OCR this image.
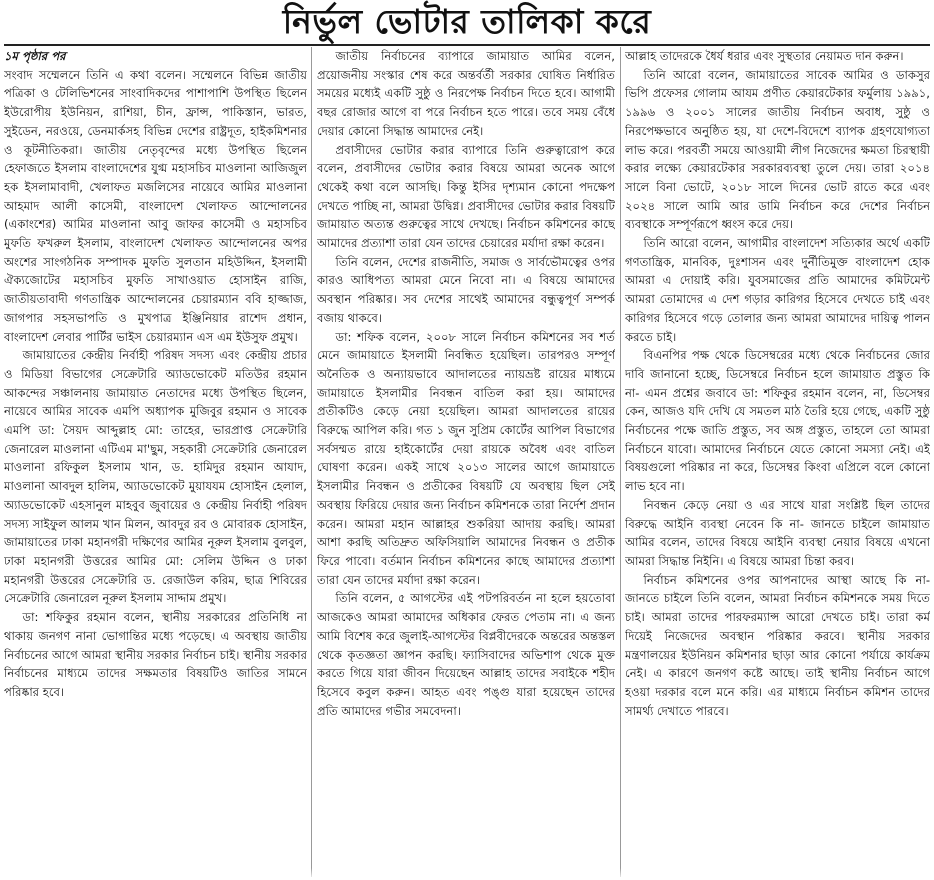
নির্ভুল ভোটার তালিকা করে

১ম পৃষ্ঠার পর
সংবাদ সম্মেলনে তিনি এ কথা বলেন। সম্মেলনে বিভিন্ন জাতীয় পত্রিকা ও টেলিভিশনের সাংবাদিকদের পাশাপাশি উপস্থিত ছিলেন ইউরোপীয় ইউনিয়ন, রাশিয়া, চীন, ফ্রান্স, পাকিস্তান, ভারত, সুইডেন, নরওয়ে, ডেনমার্কসহ বিভিন্ন দেশের রাষ্ট্রদূত, হাইকমিশনার ও কূটনীতিকরা। জাতীয় নেতৃবৃন্দের মধ্যে উপস্থিত ছিলেন হেফাজতে ইসলাম বাংলাদেশের যুগ্ম মহাসচিব মাওলানা আজিজুল হক ইসলামাবাদী, খেলাফত মজলিসের নায়েবে আমির মাওলানা আহমাদ আলী কাসেমী, বাংলাদেশ খেলাফত আন্দোলনের (একাংশের) আমির মাওলানা আবু জাফর কাসেমী ও মহাসচিব মুফতি ফখরুল ইসলাম, বাংলাদেশ খেলাফত আন্দোলনের অপর অংশের সাংগঠনিক সম্পাদক মুফতি সুলতান মহিউদ্দিন, ইসলামী ঐক্যজোটের মহাসচিব মুফতি সাখাওয়াত হোসাইন রাজি, জাতীয়তাবাদী গণতান্ত্রিক আন্দোলনের চেয়ারম্যান ববি হাজ্জাজ, জাগপার সহসভাপতি ও মুখপাত্র ইঞ্জিনিয়ার রাশেদ প্রধান, বাংলাদেশ লেবার পার্টির ভাইস চেয়ারম্যান এস এম ইউসুফ প্রমুখ।

জামায়াতের কেন্দ্রীয় নির্বাহী পরিষদ সদস্য এবং কেন্দ্রীয় প্রচার ও মিডিয়া বিভাগের সেক্রেটারি অ্যাডভোকেট মতিউর রহমান আকন্দের সঞ্চালনায় জামায়াত নেতাদের মধ্যে উপস্থিত ছিলেন, নায়েবে আমির সাবেক এমপি অধ্যাপক মুজিবুর রহমান ও সাবেক এমপি ডা: সৈয়দ আব্দুল্লাহ মো: তাহের, ভারপ্রাপ্ত সেক্রেটারি জেনারেল মাওলানা এটিএম মা'ছুম, সহকারী সেক্রেটারি জেনারেল মাওলানা রফিকুল ইসলাম খান, ড. হামিদুর রহমান আযাদ, মাওলানা আবদুল হালিম, অ্যাডভোকেট মুয়াযযম হোসাইন হেলাল, অ্যাডভোকেট এহসানুল মাহবুব জুবায়ের ও কেন্দ্রীয় নির্বাহী পরিষদ সদস্য সাইফুল আলম খান মিলন, আবদুর রব ও মোবারক হোসাইন, জামায়াতের ঢাকা মহানগরী দক্ষিণের আমির নূরুল ইসলাম বুলবুল, ঢাকা মহানগরী উত্তরের আমির মো: সেলিম উদ্দিন ও ঢাকা মহানগরী উত্তরের সেক্রেটারি ড. রেজাউল করিম, ছাত্র শিবিরের সেক্রেটারি জেনারেল নূরুল ইসলাম সাদ্দাম প্রমুখ।

ডা: শফিকুর রহমান বলেন, স্থানীয় সরকারের প্রতিনিধি না থাকায় জনগণ নানা ভোগান্তির মধ্যে পড়েছে। এ অবস্থায় জাতীয় নির্বাচনের আগে আমরা স্থানীয় সরকার নির্বাচন চাই। স্থানীয় সরকার নির্বাচনের মাধ্যমে তাদের সক্ষমতার বিষয়টিও জাতির সামনে পরিষ্কার হবে।

জাতীয় নির্বাচনের ব্যাপারে জামায়াত আমির বলেন, প্রয়োজনীয় সংস্কার শেষ করে অন্তর্বর্তী সরকার ঘোষিত নির্ধারিত সময়ের মধ্যেই একটি সুষ্ঠু ও নিরপেক্ষ নির্বাচন দিতে হবে। আগামী বছর রোজার আগে বা পরে নির্বাচন হতে পারে। তবে সময় বেঁধে দেয়ার কোনো সিদ্ধান্ত আমাদের নেই।

প্রবাসীদের ভোটার করার ব্যাপারে তিনি গুরুত্বারোপ করে বলেন, প্রবাসীদের ভোটার করার বিষয়ে আমরা অনেক আগে থেকেই কথা বলে আসছি। কিন্তু ইসির দৃশ্যমান কোনো পদক্ষেপ দেখতে পাচ্ছি না, আমরা উদ্বিগ্ন। প্রবাসীদের ভোটার করার বিষয়টি জামায়াত অত্যন্ত গুরুত্বের সাথে দেখছে। নির্বাচন কমিশনের কাছে আমাদের প্রত্যাশা তারা যেন তাদের চেয়ারের মর্যাদা রক্ষা করেন।

তিনি বলেন, দেশের রাজনীতি, সমাজ ও সার্বভৌমত্বের ওপর কারও আধিপত্য আমরা মেনে নিবো না। এ বিষয়ে আমাদের অবস্থান পরিষ্কার। সব দেশের সাথেই আমাদের বন্ধুত্বপূর্ণ সম্পর্ক বজায় থাকবে।

ডা: শফিক বলেন, ২০০৮ সালে নির্বাচন কমিশনের সব শর্ত মেনে জামায়াতে ইসলামী নিবন্ধিত হয়েছিল। তারপরও সম্পূর্ণ অনৈতিক ও অন্যায়ভাবে আদালতের ন্যায়ভ্রষ্ট রায়ের মাধ্যমে জামায়াতে ইসলামীর নিবন্ধন বাতিল করা হয়। আমাদের প্রতীকটিও কেড়ে নেয়া হয়েছিল। আমরা আদালতের রায়ের বিরুদ্ধে আপিল করি। গত ১ জুন সুপ্রিম কোর্টের আপিল বিভাগের সর্বসম্মত রায়ে হাইকোর্টের দেয়া রায়কে অবৈধ এবং বাতিল ঘোষণা করেন। একই সাথে ২০১৩ সালের আগে জামায়াতে ইসলামীর নিবন্ধন ও প্রতীকের বিষয়টি যে অবস্থায় ছিল সেই অবস্থায় ফিরিয়ে দেয়ার জন্য নির্বাচন কমিশনকে তারা নির্দেশ প্রদান করেন। আমরা মহান আল্লাহর শুকরিয়া আদায় করছি। আমরা আশা করছি অতিদ্রুত অফিসিয়ালি আমাদের নিবন্ধন ও প্রতীক ফিরে পাবো। বর্তমান নির্বাচন কমিশনের কাছে আমাদের প্রত্যাশা তারা যেন তাদের মর্যাদা রক্ষা করেন।

তিনি বলেন, ৫ আগস্টের এই পটপরিবর্তন না হলে হয়তোবা আজকেও আমরা আমাদের অধিকার ফেরত পেতাম না। এ জন্য আমি বিশেষ করে জুলাই-আগস্টের বিপ্লবীদেরকে অন্তরের অন্তস্তল থেকে কৃতজ্ঞতা জ্ঞাপন করছি। ফ্যাসিবাদের অভিশাপ থেকে মুক্ত করতে গিয়ে যারা জীবন দিয়েছেন আল্লাহ তাদের সবাইকে শহীদ হিসেবে কবুল করুন। আহত এবং পঙ্গু যারা হয়েছেন তাদের প্রতি আমাদের গভীর সমবেদনা।

আল্লাহ তাদেরকে ধৈর্য ধরার এবং সুস্থতার নেয়ামত দান করুন।

তিনি আরো বলেন, জামায়াতের সাবেক আমির ও ডাকসুর ভিপি প্রফেসর গোলাম আযম প্রণীত কেয়ারটেকার ফর্মুলায় ১৯৯১, ১৯৯৬ ও ২০০১ সালের জাতীয় নির্বাচন অবাধ, সুষ্ঠু ও নিরপেক্ষভাবে অনুষ্ঠিত হয়, যা দেশে-বিদেশে ব্যাপক গ্রহণযোগ্যতা লাভ করে। পরবর্তী সময়ে আওয়ামী লীগ নিজেদের ক্ষমতা চিরস্থায়ী করার লক্ষ্যে কেয়ারটেকার সরকারব্যবস্থা তুলে দেয়। তারা ২০১৪ সালে বিনা ভোটে, ২০১৮ সালে দিনের ভোট রাতে করে এবং ২০২৪ সালে আমি আর ডামি নির্বাচন করে দেশের নির্বাচন ব্যবস্থাকে সম্পূর্ণরূপে ধ্বংস করে দেয়।

তিনি আরো বলেন, আগামীর বাংলাদেশ সত্যিকার অর্থে একটি গণতান্ত্রিক, মানবিক, দুঃশাসন এবং দুর্নীতিমুক্ত বাংলাদেশ হোক আমরা এ দোয়াই করি। যুবসমাজের প্রতি আমাদের কমিটমেন্ট আমরা তোমাদের এ দেশ গড়ার কারিগর হিসেবে দেখতে চাই এবং কারিগর হিসেবে গড়ে তোলার জন্য আমরা আমাদের দায়িত্ব পালন করতে চাই।

বিএনপির পক্ষ থেকে ডিসেম্বরের মধ্যে থেকে নির্বাচনের জোর দাবি জানানো হচ্ছে, ডিসেম্বরে নির্বাচন হলে জামায়াত প্রস্তুত কি না- এমন প্রশ্নের জবাবে ডা: শফিকুর রহমান বলেন, না, ডিসেম্বর কেন, আজও যদি দেখি যে সমতল মাঠ তৈরি হয়ে গেছে, একটি সুষ্ঠু নির্বাচনের পক্ষে জাতি প্রস্তুত, সব অঙ্গ প্রস্তুত, তাহলে তো আমরা নির্বাচনে যাবো। আমাদের নির্বাচনে যেতে কোনো সমস্যা নেই। এই বিষয়গুলো পরিষ্কার না করে, ডিসেম্বর কিংবা এপ্রিলে বলে কোনো লাভ হবে না।

নিবন্ধন কেড়ে নেয়া ও এর সাথে যারা সংশ্লিষ্ট ছিল তাদের বিরুদ্ধে আইনি ব্যবস্থা নেবেন কি না- জানতে চাইলে জামায়াত আমির বলেন, তাদের বিষয়ে আইনি ব্যবস্থা নেয়ার বিষয়ে এখনো আমরা সিদ্ধান্ত নিইনি। এ বিষয়ে আমরা চিন্তা করব।

নির্বাচন কমিশনের ওপর আপনাদের আস্থা আছে কি না- জানতে চাইলে তিনি বলেন, আমরা নির্বাচন কমিশনকে সময় দিতে চাই। আমরা তাদের পারফরম্যান্স আরো দেখতে চাই। তারা কর্ম দিয়েই নিজেদের অবস্থান পরিষ্কার করবে। স্থানীয় সরকার মন্ত্রণালয়ের ইউনিয়ন কমিশনার ছাড়া আর কোনো পর্যায়ে কার্যক্রম নেই। এ কারণে জনগণ কষ্টে আছে। তাই স্থানীয় নির্বাচন আগে হওয়া দরকার বলে মনে করি। এর মাধ্যমে নির্বাচন কমিশন তাদের সামর্থ্য দেখাতে পারবে।
